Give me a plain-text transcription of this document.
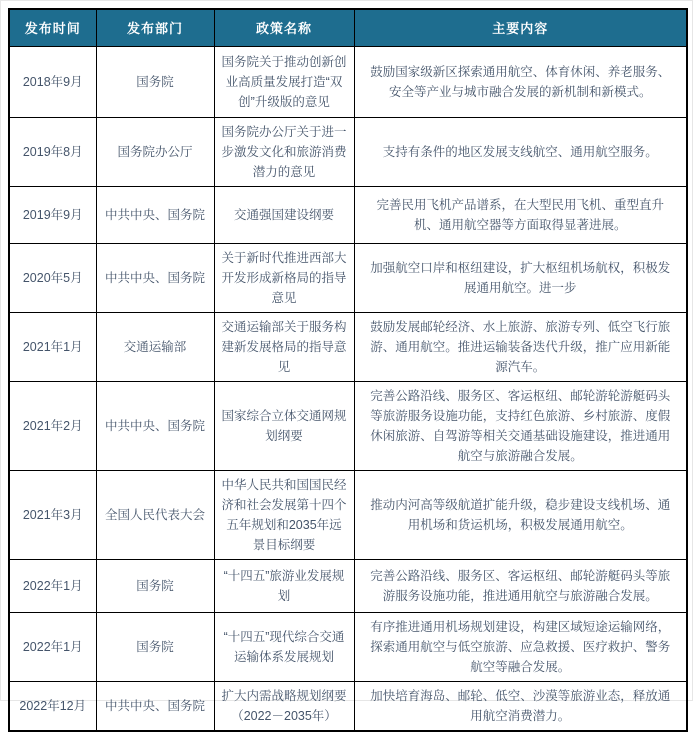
发布时间	发布部门	政策名称	主要内容
2018年9月	国务院	国务院关于推动创新创业高质量发展打造“双创”升级版的意见	鼓励国家级新区探索通用航空、体育休闲、养老服务、安全等产业与城市融合发展的新机制和新模式。
2019年8月	国务院办公厅	国务院办公厅关于进一步激发文化和旅游消费潜力的意见	支持有条件的地区发展支线航空、通用航空服务。
2019年9月	中共中央、国务院	交通强国建设纲要	完善民用飞机产品谱系，在大型民用飞机、重型直升机、通用航空器等方面取得显著进展。
2020年5月	中共中央、国务院	关于新时代推进西部大开发形成新格局的指导意见	加强航空口岸和枢纽建设，扩大枢纽机场航权，积极发展通用航空。进一步
2021年1月	交通运输部	交通运输部关于服务构建新发展格局的指导意见	鼓励发展邮轮经济、水上旅游、旅游专列、低空飞行旅游、通用航空。推进运输装备迭代升级，推广应用新能源汽车。
2021年2月	中共中央、国务院	国家综合立体交通网规划纲要	完善公路沿线、服务区、客运枢纽、邮轮游轮游艇码头等旅游服务设施功能，支持红色旅游、乡村旅游、度假休闲旅游、自驾游等相关交通基础设施建设，推进通用航空与旅游融合发展。
2021年3月	全国人民代表大会	中华人民共和国国民经济和社会发展第十四个五年规划和2035年远景目标纲要	推动内河高等级航道扩能升级，稳步建设支线机场、通用机场和货运机场，积极发展通用航空。
2022年1月	国务院	“十四五”旅游业发展规划	完善公路沿线、服务区、客运枢纽、邮轮游艇码头等旅游服务设施功能，推进通用航空与旅游融合发展。
2022年1月	国务院	“十四五”现代综合交通运输体系发展规划	有序推进通用机场规划建设，构建区域短途运输网络，探索通用航空与低空旅游、应急救援、医疗救护、警务航空等融合发展。
2022年12月	中共中央、国务院	扩大内需战略规划纲要（2022－2035年）	加快培育海岛、邮轮、低空、沙漠等旅游业态，释放通用航空消费潜力。
